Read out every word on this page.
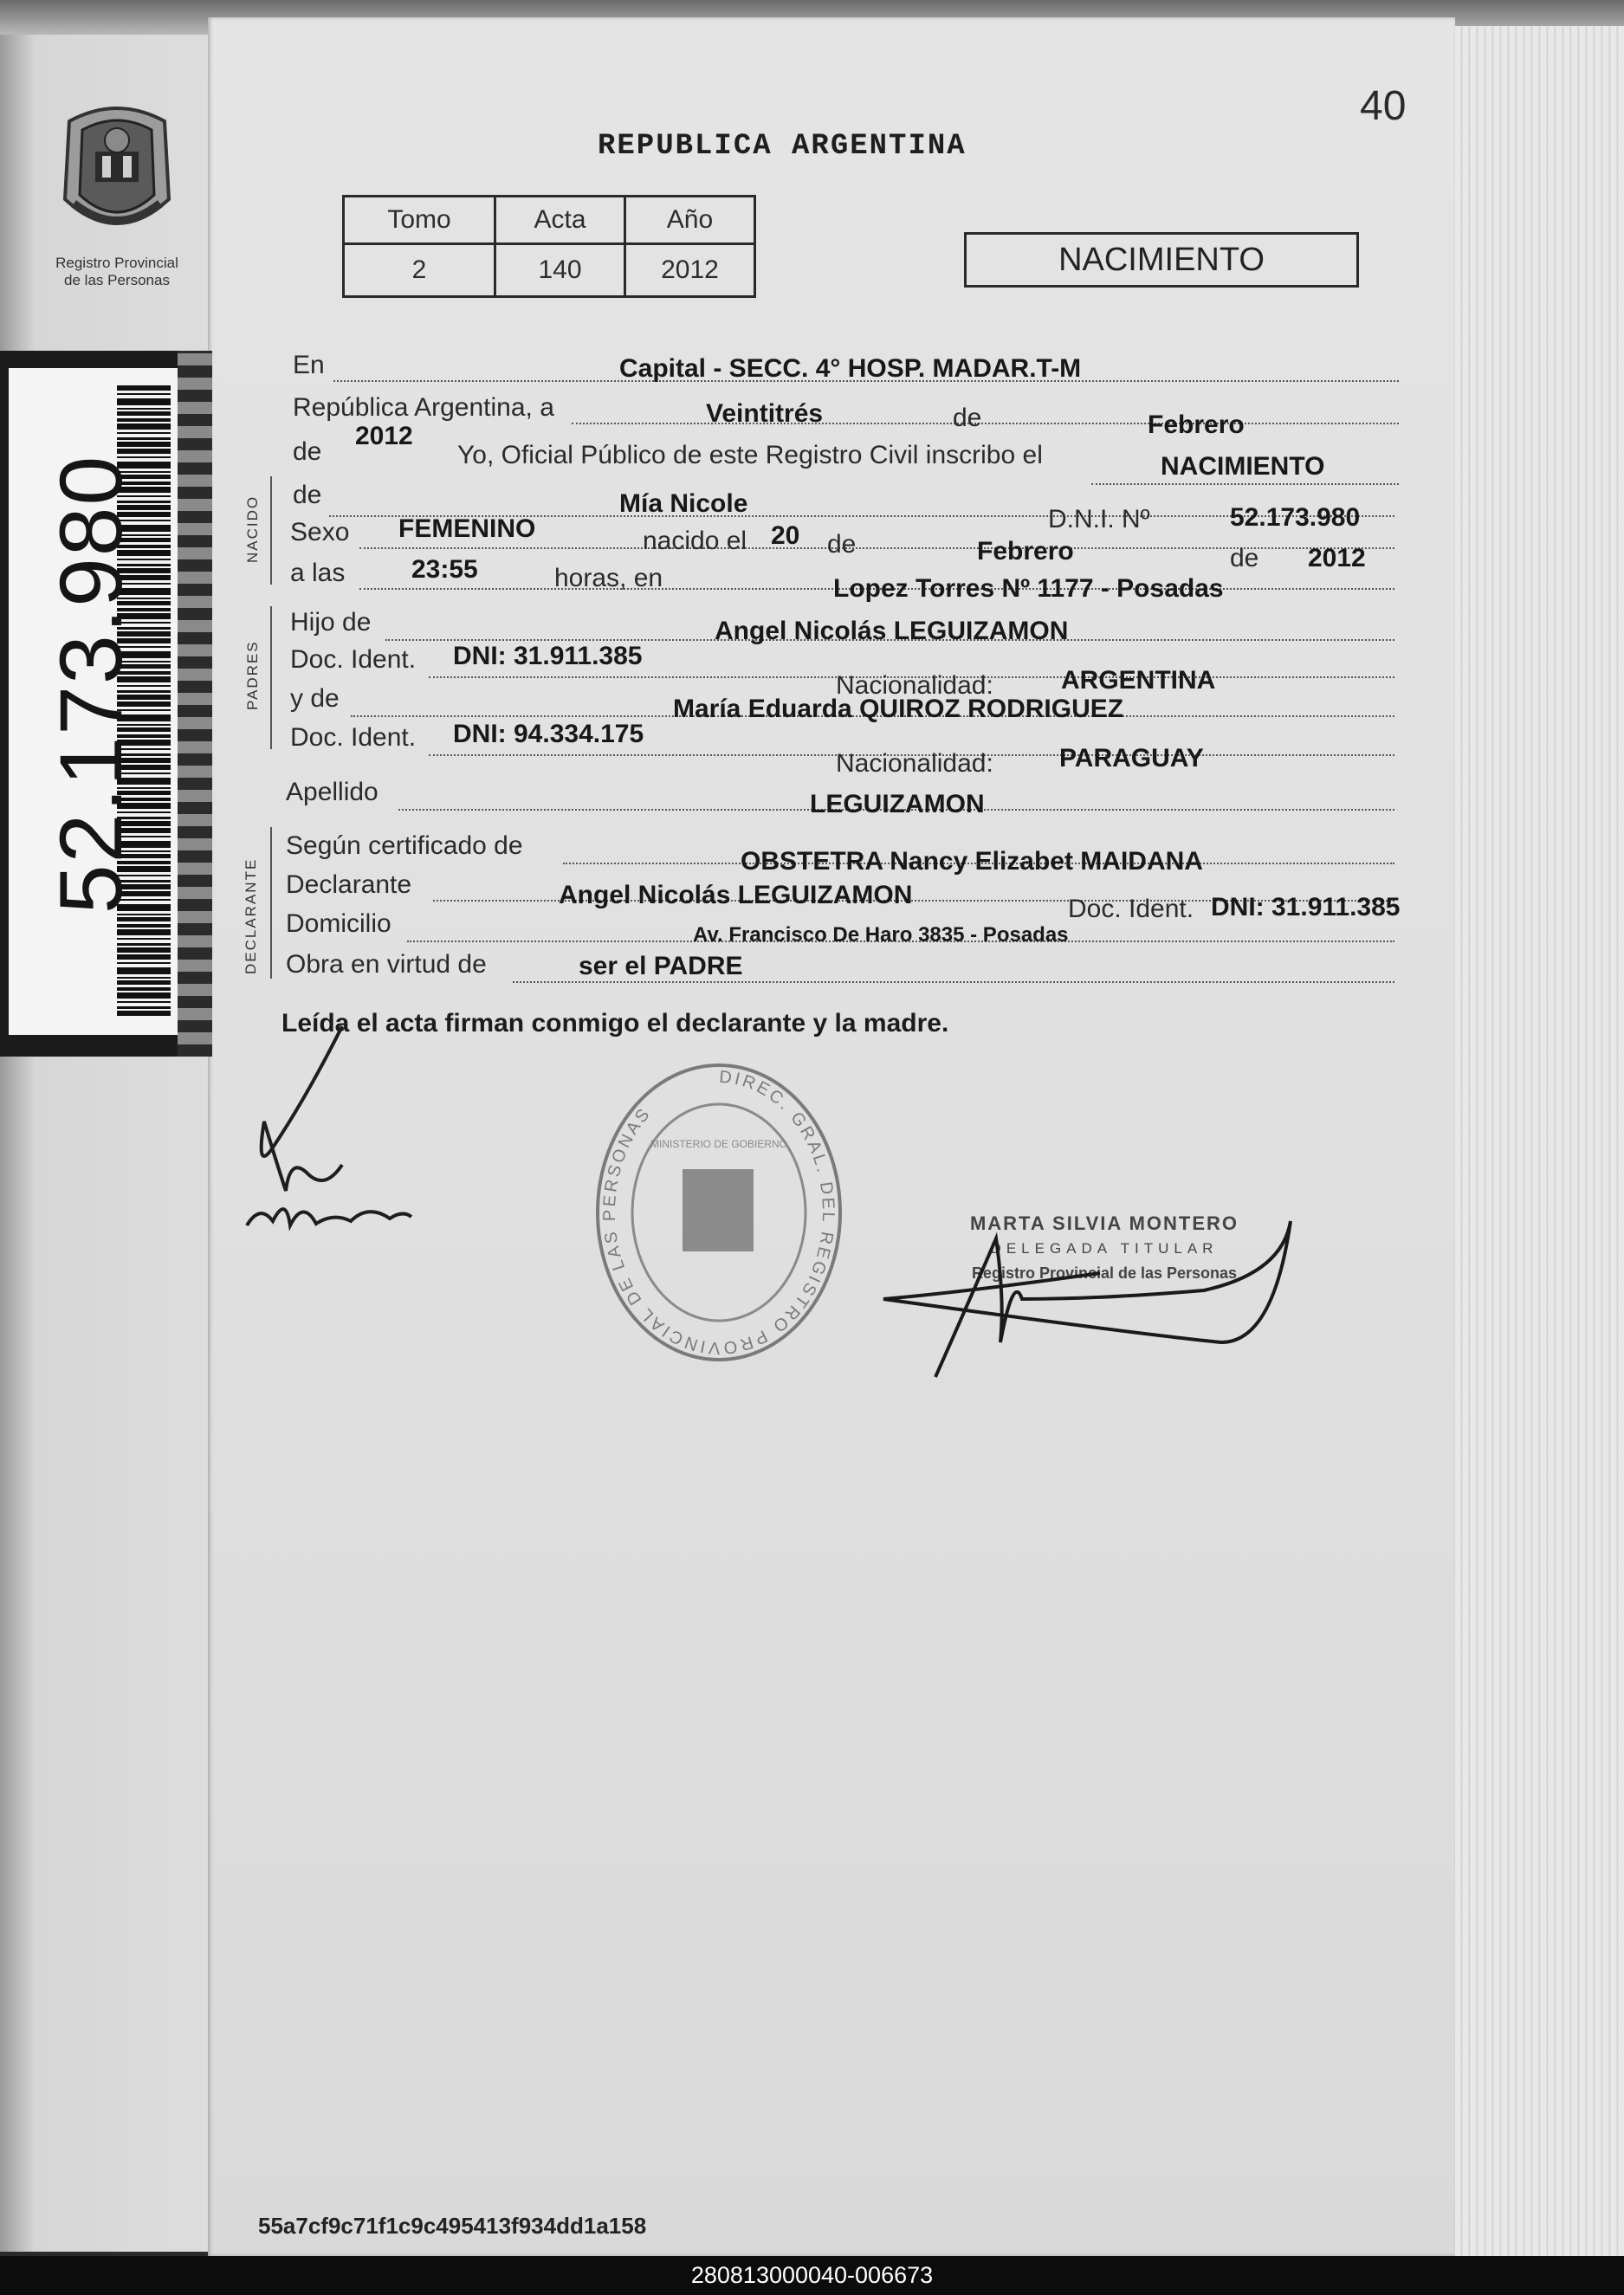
Registro Provincial
de las Personas
52.173.980
40
REPUBLICA ARGENTINA
Tomo	Acta	Año
2	140	2012	NACIMIENTO
En	Capital - SECC. 4° HOSP. MADAR.T-M
República Argentina, a	Veintitrés	de	Febrero
de
2012
Yo, Oficial Público de este Registro Civil inscribo el	NACIMIENTO
NACIDO
de	Mía Nicole
D.N.I. Nº	52.173.980
Sexo FEMENINO	nacido el 20 de	Febrero	de 2012
a las	23:55	horas, en	Lopez Torres Nº 1177 - Posadas
PADRES
Hijo de	Angel Nicolás LEGUIZAMON
Doc. Ident. DNI: 31.911.385
Nacionalidad:	ARGENTINA
y de	María Eduarda QUIROZ RODRIGUEZ
Doc. Ident. DNI: 94.334.175
Nacionalidad:	PARAGUAY
Apellido	LEGUIZAMON
DECLARANTE
Según certificado de
OBSTETRA Nancy Elizabet MAIDANA
Declarante	Angel Nicolás LEGUIZAMON	Doc. Ident. DNI: 31.911.385
Domicilio	Av. Francisco De Haro 3835 - Posadas
Obra en virtud de	ser el PADRE
Leída el acta firman conmigo el declarante y la madre.
DIREC. GRAL. DEL REGISTRO PROVINCIAL DE LAS PERSONAS
MINISTERIO DE GOBIERNO
MARTA SILVIA MONTERO
DELEGADA TITULAR
Registro Provincial de las Personas
55a7cf9c71f1c9c495413f934dd1a158
280813000040-006673
